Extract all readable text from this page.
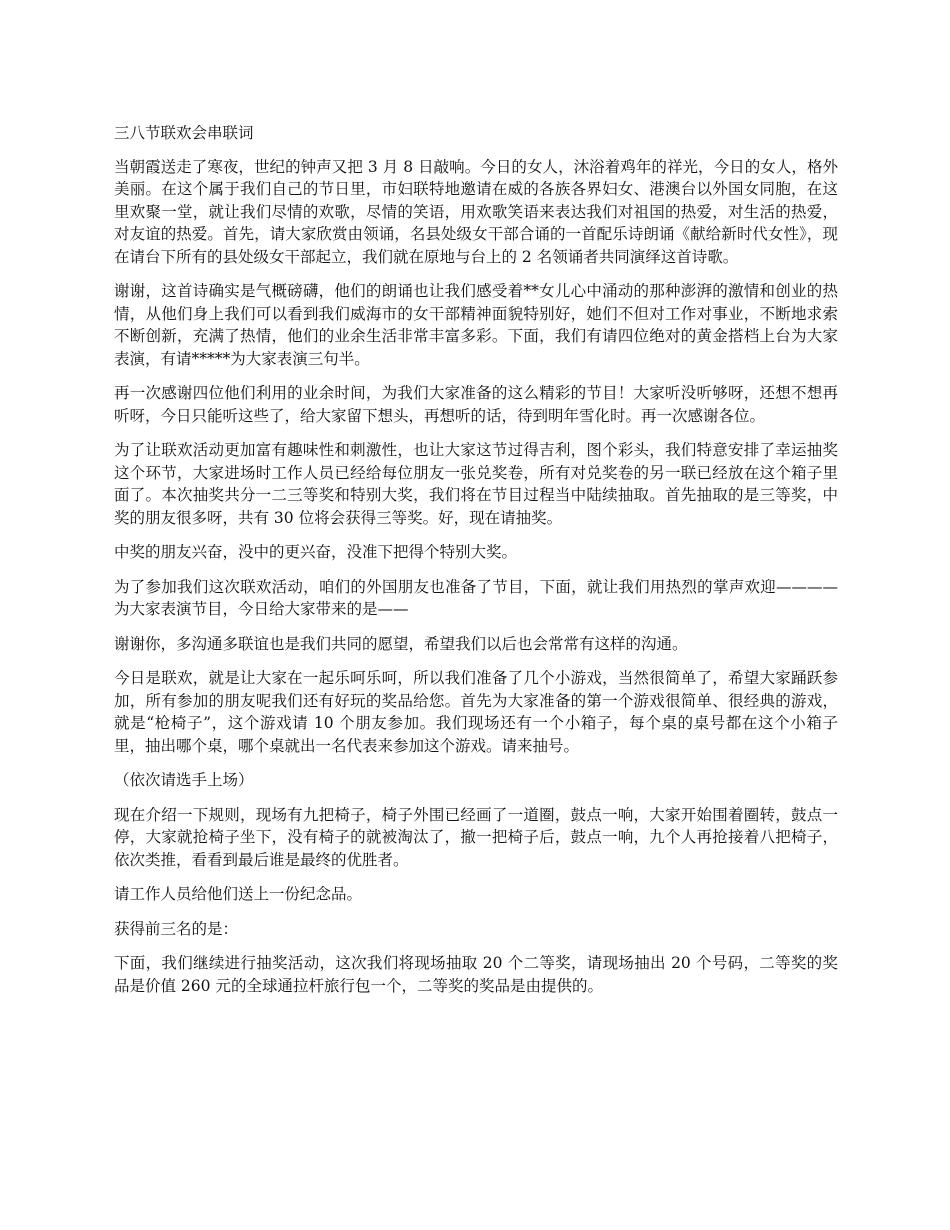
三八节联欢会串联词

当朝霞送走了寒夜，世纪的钟声又把 3 月 8 日敲响。今日的女人，沐浴着鸡年的祥光，今日的女人，格外美丽。在这个属于我们自己的节日里，市妇联特地邀请在威的各族各界妇女、港澳台以外国女同胞，在这里欢聚一堂，就让我们尽情的欢歌，尽情的笑语，用欢歌笑语来表达我们对祖国的热爱，对生活的热爱，对友谊的热爱。首先，请大家欣赏由领诵，名县处级女干部合诵的一首配乐诗朗诵《献给新时代女性》，现在请台下所有的县处级女干部起立，我们就在原地与台上的 2 名领诵者共同演绎这首诗歌。

谢谢，这首诗确实是气概磅礴，他们的朗诵也让我们感受着**女儿心中涌动的那种澎湃的激情和创业的热情，从他们身上我们可以看到我们威海市的女干部精神面貌特别好，她们不但对工作对事业，不断地求索不断创新，充满了热情，他们的业余生活非常丰富多彩。下面，我们有请四位绝对的黄金搭档上台为大家表演，有请*****为大家表演三句半。

再一次感谢四位他们利用的业余时间，为我们大家准备的这么精彩的节目！大家听没听够呀，还想不想再听呀，今日只能听这些了，给大家留下想头，再想听的话，待到明年雪化时。再一次感谢各位。

为了让联欢活动更加富有趣味性和刺激性，也让大家这节过得吉利，图个彩头，我们特意安排了幸运抽奖这个环节，大家进场时工作人员已经给每位朋友一张兑奖卷，所有对兑奖卷的另一联已经放在这个箱子里面了。本次抽奖共分一二三等奖和特别大奖，我们将在节目过程当中陆续抽取。首先抽取的是三等奖，中奖的朋友很多呀，共有 30 位将会获得三等奖。好，现在请抽奖。

中奖的朋友兴奋，没中的更兴奋，没准下把得个特别大奖。

为了参加我们这次联欢活动，咱们的外国朋友也准备了节目，下面，就让我们用热烈的掌声欢迎————为大家表演节目，今日给大家带来的是——

谢谢你，多沟通多联谊也是我们共同的愿望，希望我们以后也会常常有这样的沟通。

今日是联欢，就是让大家在一起乐呵乐呵，所以我们准备了几个小游戏，当然很简单了，希望大家踊跃参加，所有参加的朋友呢我们还有好玩的奖品给您。首先为大家准备的第一个游戏很简单、很经典的游戏，就是“枪椅子”，这个游戏请 10 个朋友参加。我们现场还有一个小箱子，每个桌的桌号都在这个小箱子里，抽出哪个桌，哪个桌就出一名代表来参加这个游戏。请来抽号。

（依次请选手上场）

现在介绍一下规则，现场有九把椅子，椅子外围已经画了一道圈，鼓点一响，大家开始围着圈转，鼓点一停，大家就抢椅子坐下，没有椅子的就被淘汰了，撤一把椅子后，鼓点一响，九个人再抢接着八把椅子，依次类推，看看到最后谁是最终的优胜者。

请工作人员给他们送上一份纪念品。

获得前三名的是：

下面，我们继续进行抽奖活动，这次我们将现场抽取 20 个二等奖，请现场抽出 20 个号码，二等奖的奖品是价值 260 元的全球通拉杆旅行包一个，二等奖的奖品是由提供的。
